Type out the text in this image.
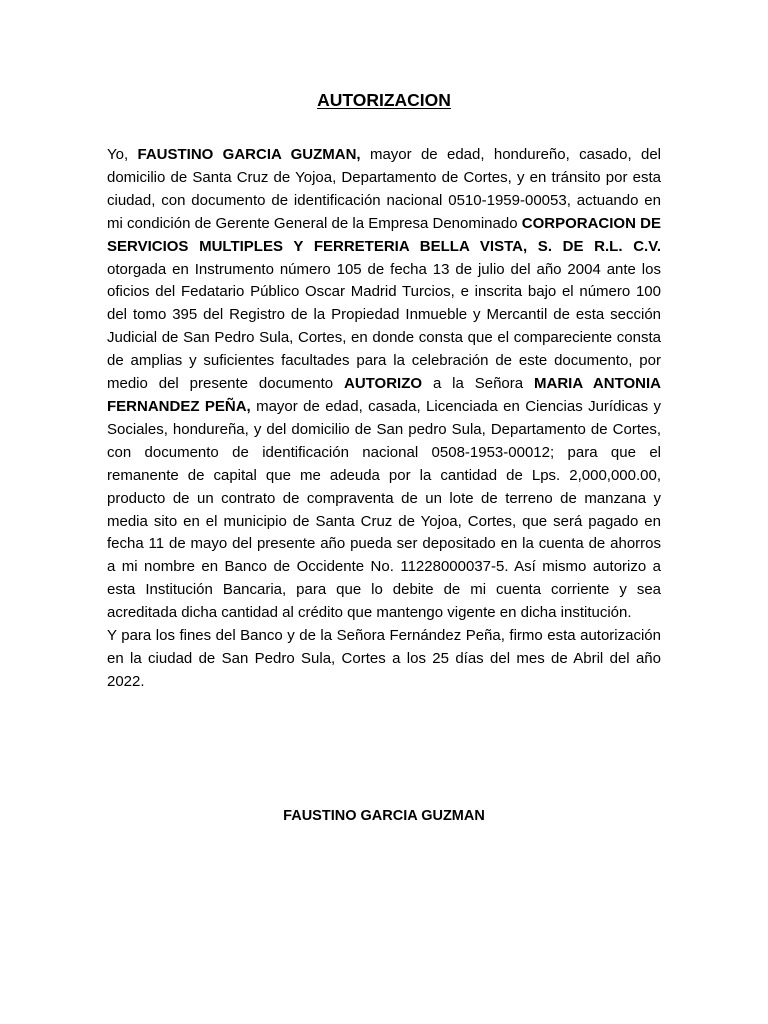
AUTORIZACION

Yo, FAUSTINO GARCIA GUZMAN, mayor de edad, hondureño, casado, del domicilio de Santa Cruz de Yojoa, Departamento de Cortes, y en tránsito por esta ciudad, con documento de identificación nacional 0510-1959-00053, actuando en mi condición de Gerente General de la Empresa Denominado CORPORACION DE SERVICIOS MULTIPLES Y FERRETERIA BELLA VISTA, S. DE R.L. C.V. otorgada en Instrumento número 105 de fecha 13 de julio del año 2004 ante los oficios del Fedatario Público Oscar Madrid Turcios, e inscrita bajo el número 100 del tomo 395 del Registro de la Propiedad Inmueble y Mercantil de esta sección Judicial de San Pedro Sula, Cortes, en donde consta que el compareciente consta de amplias y suficientes facultades para la celebración de este documento, por medio del presente documento AUTORIZO a la Señora MARIA ANTONIA FERNANDEZ PEÑA, mayor de edad, casada, Licenciada en Ciencias Jurídicas y Sociales, hondureña, y del domicilio de San pedro Sula, Departamento de Cortes, con documento de identificación nacional 0508-1953-00012; para que el remanente de capital que me adeuda por la cantidad de Lps. 2,000,000.00, producto de un contrato de compraventa de un lote de terreno de manzana y media sito en el municipio de Santa Cruz de Yojoa, Cortes, que será pagado en fecha 11 de mayo del presente año pueda ser depositado en la cuenta de ahorros a mi nombre en Banco de Occidente No. 11228000037-5. Así mismo autorizo a esta Institución Bancaria, para que lo debite de mi cuenta corriente y sea acreditada dicha cantidad al crédito que mantengo vigente en dicha institución.

Y para los fines del Banco y de la Señora Fernández Peña, firmo esta autorización en la ciudad de San Pedro Sula, Cortes a los 25 días del mes de Abril del año 2022.

FAUSTINO GARCIA GUZMAN
